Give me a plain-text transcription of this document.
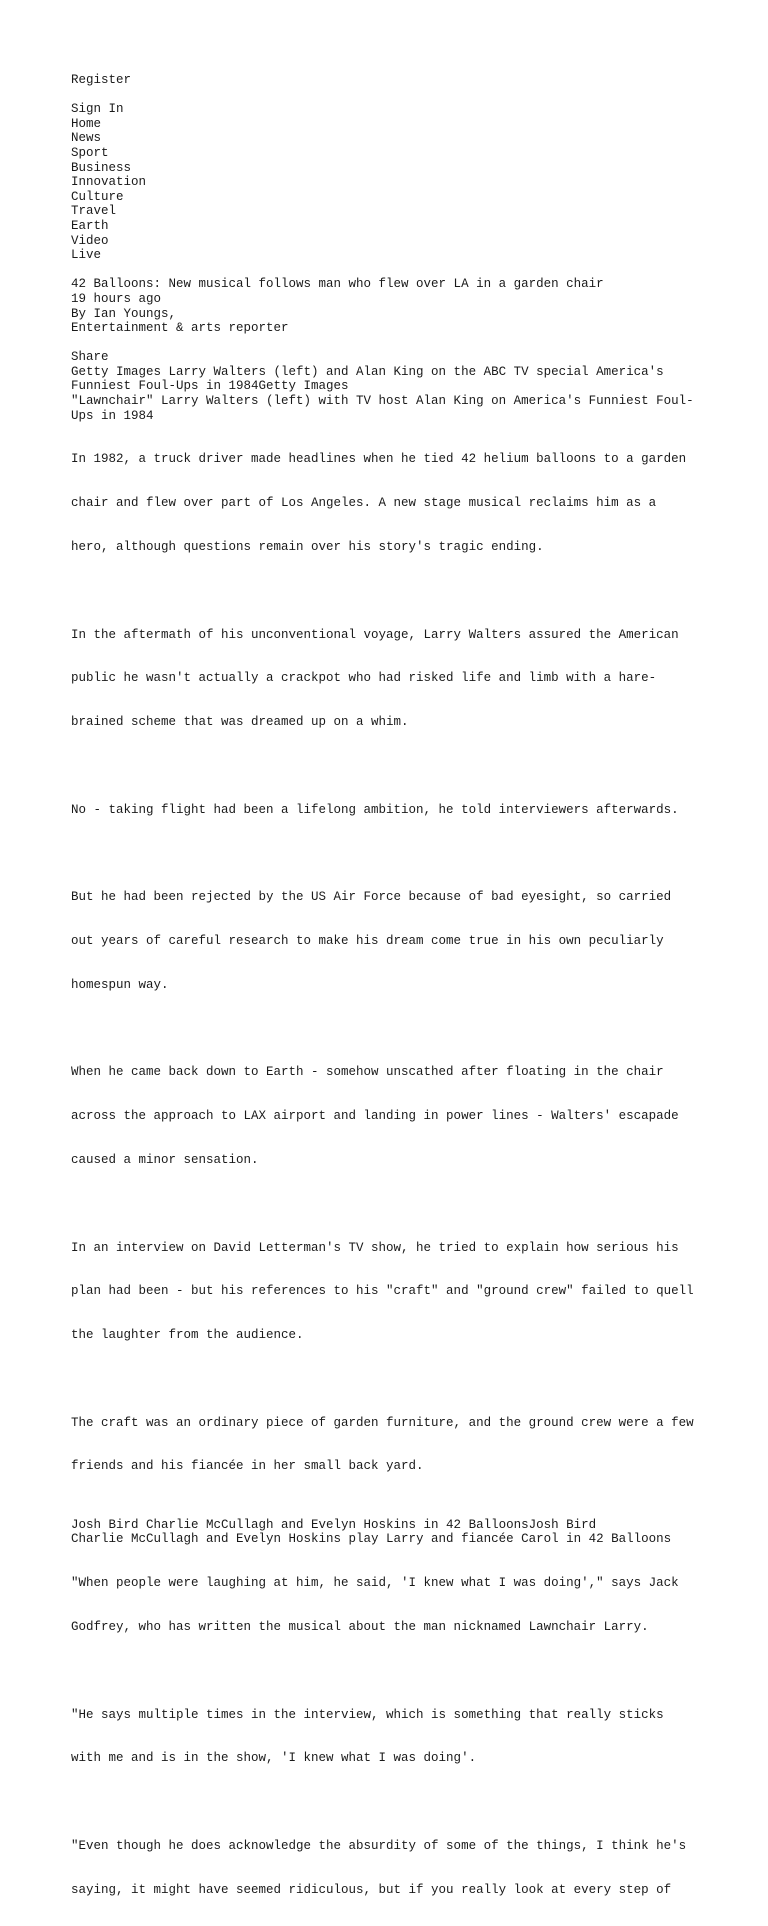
Register
Sign In
Home
News
Sport
Business
Innovation
Culture
Travel
Earth
Video
Live
42 Balloons: New musical follows man who flew over LA in a garden chair
19 hours ago
By Ian Youngs,
Entertainment & arts reporter
Share
Getty Images Larry Walters (left) and Alan King on the ABC TV special America's
Funniest Foul-Ups in 1984Getty Images
"Lawnchair" Larry Walters (left) with TV host Alan King on America's Funniest Foul-
Ups in 1984

In 1982, a truck driver made headlines when he tied 42 helium balloons to a garden

chair and flew over part of Los Angeles. A new stage musical reclaims him as a

hero, although questions remain over his story's tragic ending.

In the aftermath of his unconventional voyage, Larry Walters assured the American

public he wasn't actually a crackpot who had risked life and limb with a hare-

brained scheme that was dreamed up on a whim.

No - taking flight had been a lifelong ambition, he told interviewers afterwards.

But he had been rejected by the US Air Force because of bad eyesight, so carried

out years of careful research to make his dream come true in his own peculiarly

homespun way.

When he came back down to Earth - somehow unscathed after floating in the chair

across the approach to LAX airport and landing in power lines - Walters' escapade

caused a minor sensation.

In an interview on David Letterman's TV show, he tried to explain how serious his

plan had been - but his references to his "craft" and "ground crew" failed to quell

the laughter from the audience.

The craft was an ordinary piece of garden furniture, and the ground crew were a few

friends and his fiancée in her small back yard.

Josh Bird Charlie McCullagh and Evelyn Hoskins in 42 BalloonsJosh Bird
Charlie McCullagh and Evelyn Hoskins play Larry and fiancée Carol in 42 Balloons

"When people were laughing at him, he said, 'I knew what I was doing'," says Jack

Godfrey, who has written the musical about the man nicknamed Lawnchair Larry.

"He says multiple times in the interview, which is something that really sticks

with me and is in the show, 'I knew what I was doing'.

"Even though he does acknowledge the absurdity of some of the things, I think he's

saying, it might have seemed ridiculous, but if you really look at every step of
